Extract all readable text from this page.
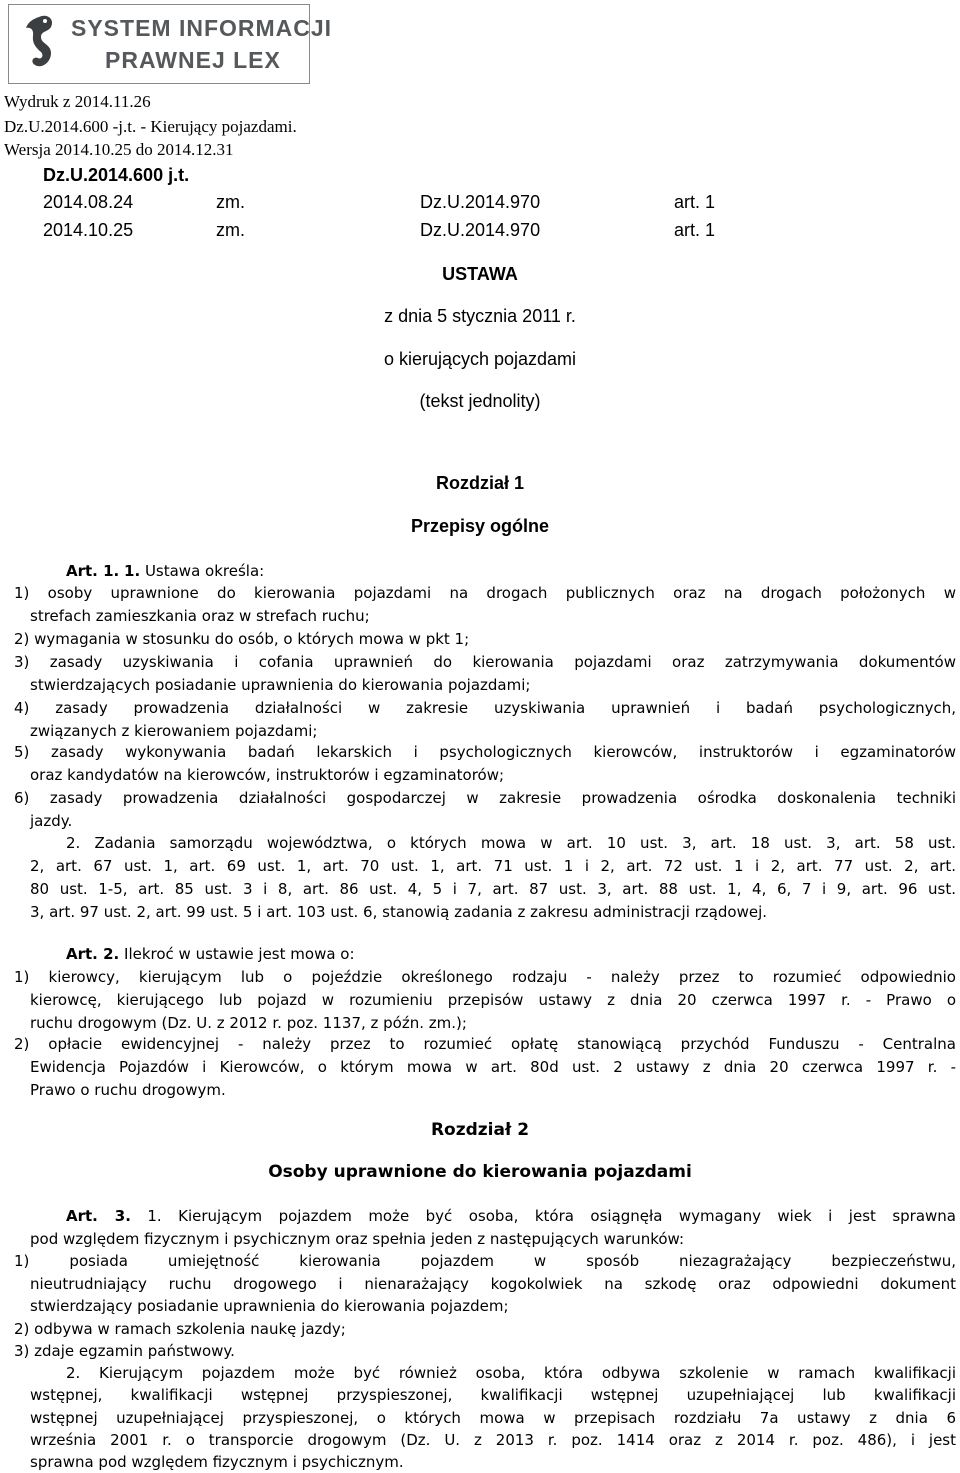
SYSTEM INFORMACJI
PRAWNEJ LEX
Wydruk z 2014.11.26
Dz.U.2014.600 -j.t. - Kierujący pojazdami.
Wersja 2014.10.25 do 2014.12.31
Dz.U.2014.600 j.t.
2014.08.24	zm.	Dz.U.2014.970	art. 1
2014.10.25	zm.	Dz.U.2014.970	art. 1
USTAWA
z dnia 5 stycznia 2011 r.
o kierujących pojazdami
(tekst jednolity)
Rozdział 1
Przepisy ogólne
Art. 1. 1. Ustawa określa:
1) osoby uprawnione do kierowania pojazdami na drogach publicznych oraz na drogach położonych w
strefach zamieszkania oraz w strefach ruchu;
2) wymagania w stosunku do osób, o których mowa w pkt 1;
3) zasady uzyskiwania i cofania uprawnień do kierowania pojazdami oraz zatrzymywania dokumentów
stwierdzających posiadanie uprawnienia do kierowania pojazdami;
4) zasady prowadzenia działalności w zakresie uzyskiwania uprawnień i badań psychologicznych,
związanych z kierowaniem pojazdami;
5) zasady wykonywania badań lekarskich i psychologicznych kierowców, instruktorów i egzaminatorów
oraz kandydatów na kierowców, instruktorów i egzaminatorów;
6) zasady prowadzenia działalności gospodarczej w zakresie prowadzenia ośrodka doskonalenia techniki
jazdy.
2. Zadania samorządu województwa, o których mowa w art. 10 ust. 3, art. 18 ust. 3, art. 58 ust.
2, art. 67 ust. 1, art. 69 ust. 1, art. 70 ust. 1, art. 71 ust. 1 i 2, art. 72 ust. 1 i 2, art. 77 ust. 2, art.
80 ust. 1-5, art. 85 ust. 3 i 8, art. 86 ust. 4, 5 i 7, art. 87 ust. 3, art. 88 ust. 1, 4, 6, 7 i 9, art. 96 ust.
3, art. 97 ust. 2, art. 99 ust. 5 i art. 103 ust. 6, stanowią zadania z zakresu administracji rządowej.
Art. 2. Ilekroć w ustawie jest mowa o:
1) kierowcy, kierującym lub o pojeździe określonego rodzaju - należy przez to rozumieć odpowiednio
kierowcę, kierującego lub pojazd w rozumieniu przepisów ustawy z dnia 20 czerwca 1997 r. - Prawo o
ruchu drogowym (Dz. U. z 2012 r. poz. 1137, z późn. zm.);
2) opłacie ewidencyjnej - należy przez to rozumieć opłatę stanowiącą przychód Funduszu - Centralna
Ewidencja Pojazdów i Kierowców, o którym mowa w art. 80d ust. 2 ustawy z dnia 20 czerwca 1997 r. -
Prawo o ruchu drogowym.
Rozdział 2
Osoby uprawnione do kierowania pojazdami
Art. 3. 1. Kierującym pojazdem może być osoba, która osiągnęła wymagany wiek i jest sprawna
pod względem fizycznym i psychicznym oraz spełnia jeden z następujących warunków:
1) posiada umiejętność kierowania pojazdem w sposób niezagrażający bezpieczeństwu,
nieutrudniający ruchu drogowego i nienarażający kogokolwiek na szkodę oraz odpowiedni dokument
stwierdzający posiadanie uprawnienia do kierowania pojazdem;
2) odbywa w ramach szkolenia naukę jazdy;
3) zdaje egzamin państwowy.
2. Kierującym pojazdem może być również osoba, która odbywa szkolenie w ramach kwalifikacji
wstępnej, kwalifikacji wstępnej przyspieszonej, kwalifikacji wstępnej uzupełniającej lub kwalifikacji
wstępnej uzupełniającej przyspieszonej, o których mowa w przepisach rozdziału 7a ustawy z dnia 6
września 2001 r. o transporcie drogowym (Dz. U. z 2013 r. poz. 1414 oraz z 2014 r. poz. 486), i jest
sprawna pod względem fizycznym i psychicznym.
